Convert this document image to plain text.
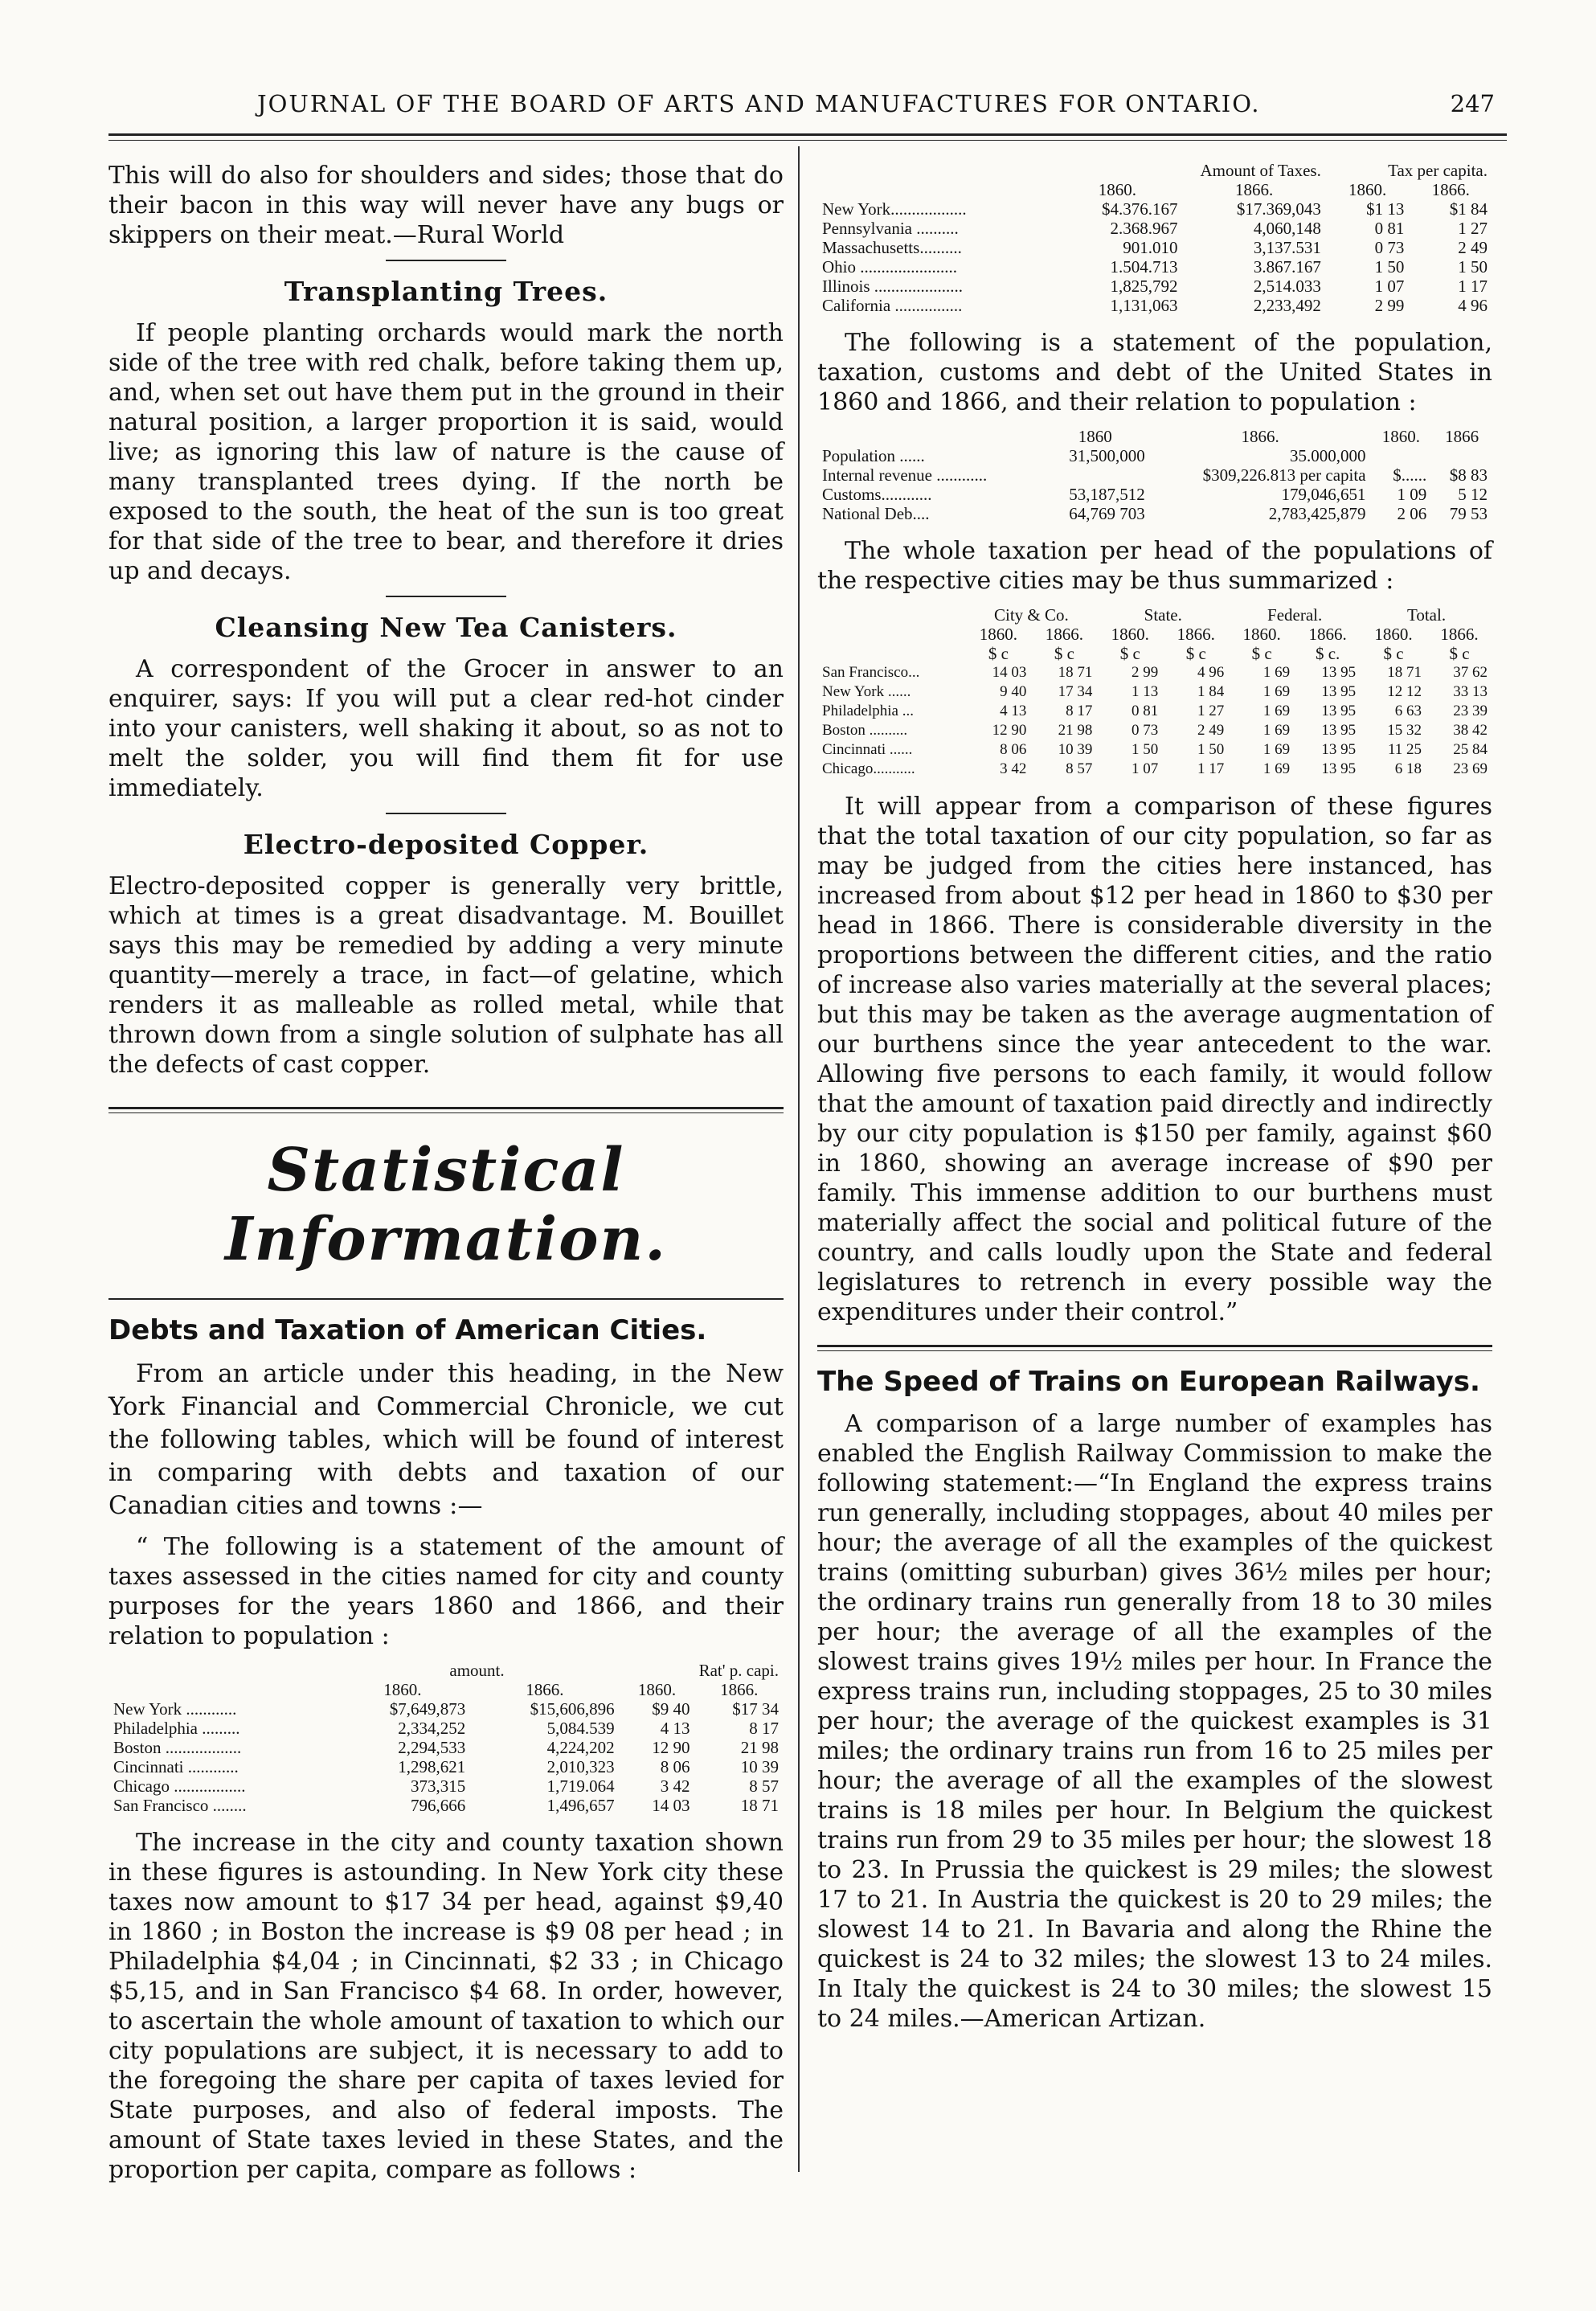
JOURNAL OF THE BOARD OF ARTS AND MANUFACTURES FOR ONTARIO.	247

This will do also for shoulders and sides; those that do their bacon in this way will never have any bugs or skippers on their meat.—Rural World

Transplanting Trees.

If people planting orchards would mark the north side of the tree with red chalk, before taking them up, and, when set out have them put in the ground in their natural position, a larger proportion it is said, would live; as ignoring this law of nature is the cause of many transplanted trees dying. If the north be exposed to the south, the heat of the sun is too great for that side of the tree to bear, and therefore it dries up and decays.

Cleansing New Tea Canisters.

A correspondent of the Grocer in answer to an enquirer, says: If you will put a clear red-hot cinder into your canisters, well shaking it about, so as not to melt the solder, you will find them fit for use immediately.

Electro-deposited Copper.

Electro-deposited copper is generally very brittle, which at times is a great disadvantage. M. Bouillet says this may be remedied by adding a very minute quantity—merely a trace, in fact—of gelatine, which renders it as malleable as rolled metal, while that thrown down from a single solution of sulphate has all the defects of cast copper.

Statistical Information.
Debts and Taxation of American Cities.

From an article under this heading, in the New York Financial and Commercial Chronicle, we cut the following tables, which will be found of interest in comparing with debts and taxation of our Canadian cities and towns :—

“ The following is a statement of the amount of taxes assessed in the cities named for city and county purposes for the years 1860 and 1866, and their relation to population :

	amount.		Rat' p. capi.	
	1860.	1866.	1860.	1866.
New York ............	$7,649,873	$15,606,896	$9 40	$17 34
Philadelphia .........	2,334,252	5,084.539	4 13	8 17
Boston ..................	2,294,533	4,224,202	12 90	21 98
Cincinnati ............	1,298,621	2,010,323	8 06	10 39
Chicago .................	373,315	1,719.064	3 42	8 57
San Francisco ........	796,666	1,496,657	14 03	18 71

The increase in the city and county taxation shown in these figures is astounding. In New York city these taxes now amount to $17 34 per head, against $9,40 in 1860 ; in Boston the increase is $9 08 per head ; in Philadelphia $4,04 ; in Cincinnati, $2 33 ; in Chicago $5,15, and in San Francisco $4 68. In order, however, to ascertain the whole amount of taxation to which our city populations are subject, it is necessary to add to the foregoing the share per capita of taxes levied for State purposes, and also of federal imposts. The amount of State taxes levied in these States, and the proportion per capita, compare as follows :

	Amount of Taxes.		Tax per capita.	
	1860.	1866.	1860.	1866.
New York..................	$4.376.167	$17.369,043	$1 13	$1 84
Pennsylvania ..........	2.368.967	4,060,148	0 81	1 27
Massachusetts..........	901.010	3,137.531	0 73	2 49
Ohio .......................	1.504.713	3.867.167	1 50	1 50
Illinois .....................	1,825,792	2,514.033	1 07	1 17
California ................	1,131,063	2,233,492	2 99	4 96

The following is a statement of the population, taxation, customs and debt of the United States in 1860 and 1866, and their relation to population :

	1860	1866.	1860.	1866
Population ......	31,500,000	35.000,000		
Internal revenue ............		$309,226.813 per capita	$......	$8 83
Customs............	53,187,512	179,046,651	1 09	5 12
National Deb....	64,769 703	2,783,425,879	2 06	79 53

The whole taxation per head of the populations of the respective cities may be thus summarized :

	City & Co.		State.		Federal.		Total.	
	1860.	1866.	1860.	1866.	1860.	1866.	1860.	1866.
	$ c	$ c	$ c	$ c	$ c	$ c.	$ c	$ c
San Francisco...	14 03	18 71	2 99	4 96	1 69	13 95	18 71	37 62
New York ......	9 40	17 34	1 13	1 84	1 69	13 95	12 12	33 13
Philadelphia ...	4 13	8 17	0 81	1 27	1 69	13 95	6 63	23 39
Boston ..........	12 90	21 98	0 73	2 49	1 69	13 95	15 32	38 42
Cincinnati ......	8 06	10 39	1 50	1 50	1 69	13 95	11 25	25 84
Chicago...........	3 42	8 57	1 07	1 17	1 69	13 95	6 18	23 69

It will appear from a comparison of these figures that the total taxation of our city population, so far as may be judged from the cities here instanced, has increased from about $12 per head in 1860 to $30 per head in 1866. There is considerable diversity in the proportions between the different cities, and the ratio of increase also varies materially at the several places; but this may be taken as the average augmentation of our burthens since the year antecedent to the war. Allowing five persons to each family, it would follow that the amount of taxation paid directly and indirectly by our city population is $150 per family, against $60 in 1860, showing an average increase of $90 per family. This immense addition to our burthens must materially affect the social and political future of the country, and calls loudly upon the State and federal legislatures to retrench in every possible way the expenditures under their control.”

The Speed of Trains on European Railways.

A comparison of a large number of examples has enabled the English Railway Commission to make the following statement:—“In England the express trains run generally, including stoppages, about 40 miles per hour; the average of all the examples of the quickest trains (omitting suburban) gives 36½ miles per hour; the ordinary trains run generally from 18 to 30 miles per hour; the average of all the examples of the slowest trains gives 19½ miles per hour. In France the express trains run, including stoppages, 25 to 30 miles per hour; the average of the quickest examples is 31 miles; the ordinary trains run from 16 to 25 miles per hour; the average of all the examples of the slowest trains is 18 miles per hour. In Belgium the quickest trains run from 29 to 35 miles per hour; the slowest 18 to 23. In Prussia the quickest is 29 miles; the slowest 17 to 21. In Austria the quickest is 20 to 29 miles; the slowest 14 to 21. In Bavaria and along the Rhine the quickest is 24 to 32 miles; the slowest 13 to 24 miles. In Italy the quickest is 24 to 30 miles; the slowest 15 to 24 miles.—American Artizan.
